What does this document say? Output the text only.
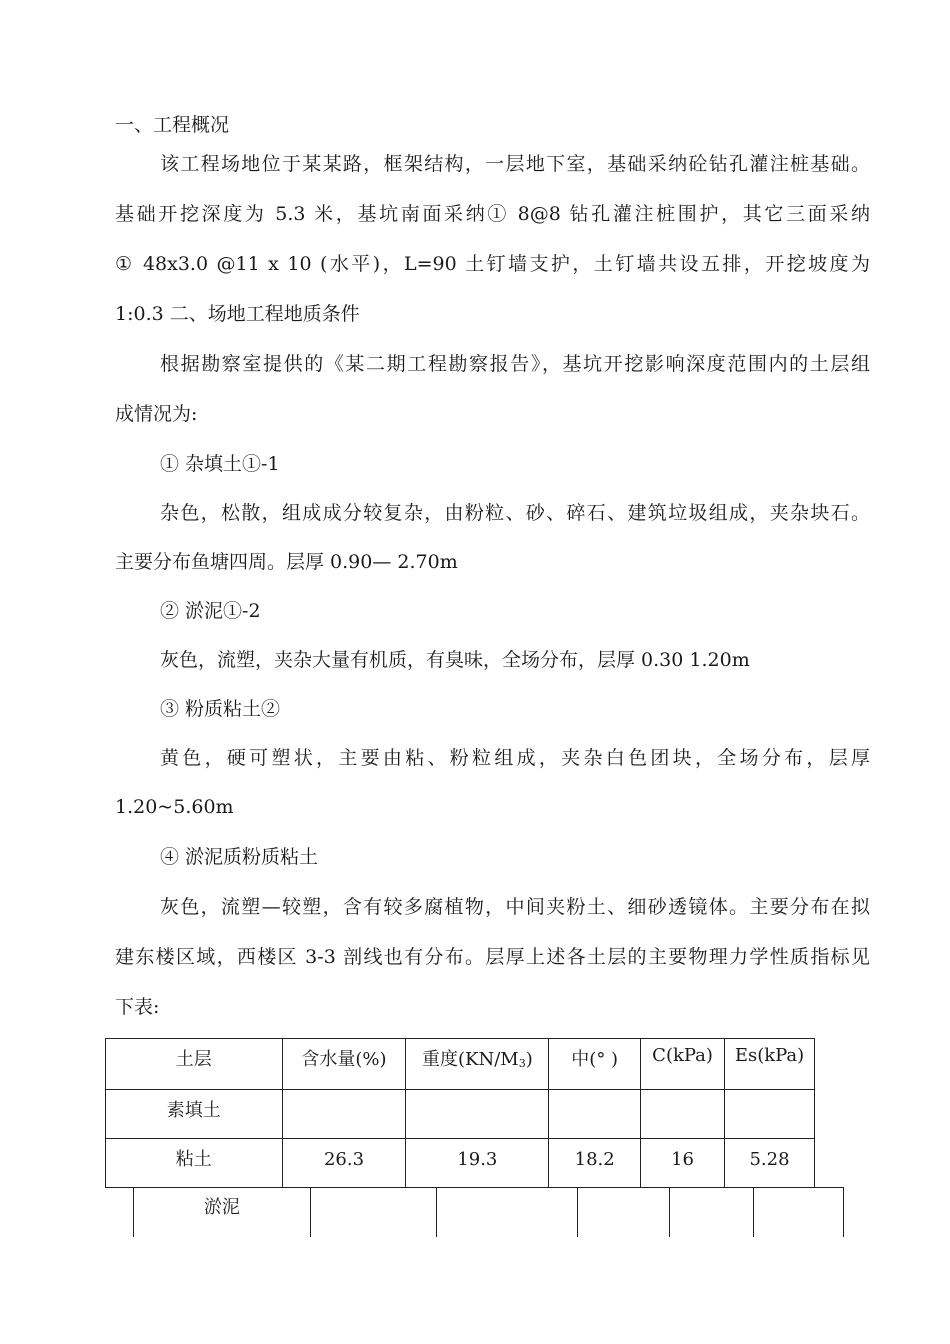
一、工程概况
该工程场地位于某某路，框架结构，一层地下室，基础采纳砼钻孔灌注桩基础。
基础开挖深度为 5.3 米，基坑南面采纳① 8@8 钻孔灌注桩围护，其它三面采纳
① 48x3.0 @11 x 10 (水平)，L=90 土钉墙支护，土钉墙共设五排，开挖坡度为
1:0.3 二、场地工程地质条件
根据勘察室提供的《某二期工程勘察报告》，基坑开挖影响深度范围内的土层组
成情况为:
① 杂填土①-1
杂色，松散，组成成分较复杂，由粉粒、砂、碎石、建筑垃圾组成，夹杂块石。
主要分布鱼塘四周。层厚 0.90— 2.70m
② 淤泥①-2
灰色，流塑，夹杂大量有机质，有臭味，全场分布，层厚 0.30 1.20m
③ 粉质粘土②
黄色，硬可塑状，主要由粘、粉粒组成，夹杂白色团块，全场分布，层厚
1.20~5.60m
④ 淤泥质粉质粘土
灰色，流塑—较塑，含有较多腐植物，中间夹粉土、细砂透镜体。主要分布在拟
建东楼区域，西楼区 3-3 剖线也有分布。层厚上述各土层的主要物理力学性质指标见
下表:
土层	含水量(%)	重度$(KN/M_3)$	中(° )	C(kPa)	Es(kPa)
素填土					
粘土	26.3	19.3	18.2	16	5.28
淤泥					
